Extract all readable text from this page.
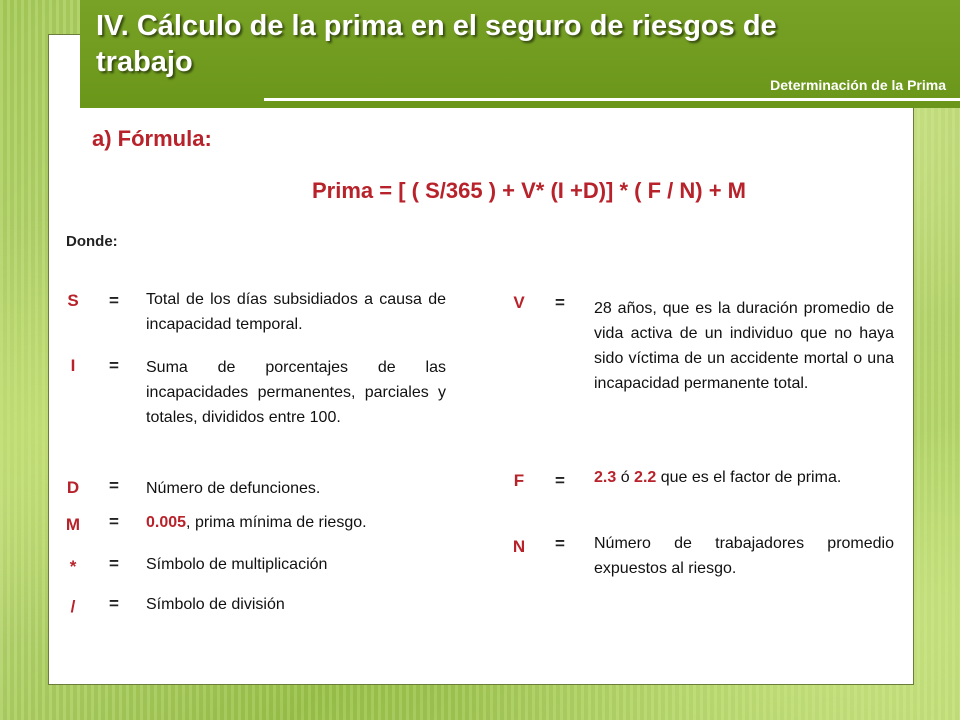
IV. Cálculo de la prima en el seguro de riesgos de trabajo
Determinación de la Prima
a) Fórmula:
Prima = [ ( S/365 ) + V* (I +D)] * ( F / N) + M
Donde:
S	=	Total de los días subsidiados a causa de incapacidad temporal.
I	=	Suma de porcentajes de las incapacidades permanentes, parciales y totales, divididos entre 100.
D	=	Número de defunciones.
M	=	0.005, prima mínima de riesgo.
*	=	Símbolo de multiplicación
/	=	Símbolo de división
V	=	28 años, que es la duración promedio de vida activa de un individuo que no haya sido víctima de un accidente mortal o una incapacidad permanente total.
F	=	2.3 ó 2.2 que es el factor de prima.
N	=	Número de trabajadores promedio expuestos al riesgo.
